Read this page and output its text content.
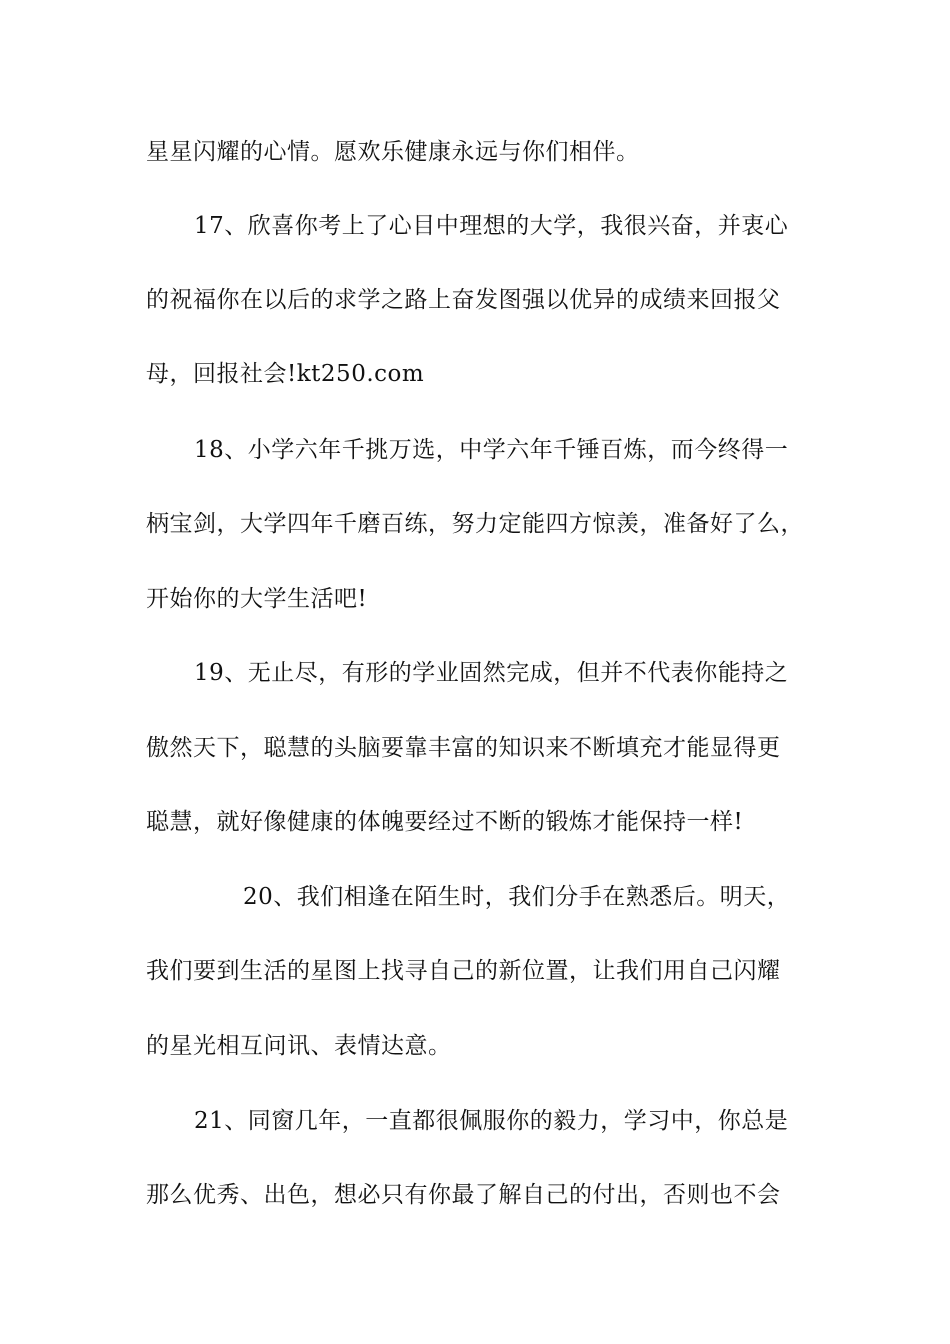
星星闪耀的心情。愿欢乐健康永远与你们相伴。
17、欣喜你考上了心目中理想的大学，我很兴奋，并衷心
的祝福你在以后的求学之路上奋发图强以优异的成绩来回报父
母，回报社会!kt250.com
18、小学六年千挑万选，中学六年千锤百炼，而今终得一
柄宝剑，大学四年千磨百练，努力定能四方惊羡，准备好了么，
开始你的大学生活吧!
19、无止尽，有形的学业固然完成，但并不代表你能持之
傲然天下，聪慧的头脑要靠丰富的知识来不断填充才能显得更
聪慧，就好像健康的体魄要经过不断的锻炼才能保持一样!
20、我们相逢在陌生时，我们分手在熟悉后。明天，
我们要到生活的星图上找寻自己的新位置，让我们用自己闪耀
的星光相互问讯、表情达意。
21、同窗几年，一直都很佩服你的毅力，学习中，你总是
那么优秀、出色，想必只有你最了解自己的付出，否则也不会
